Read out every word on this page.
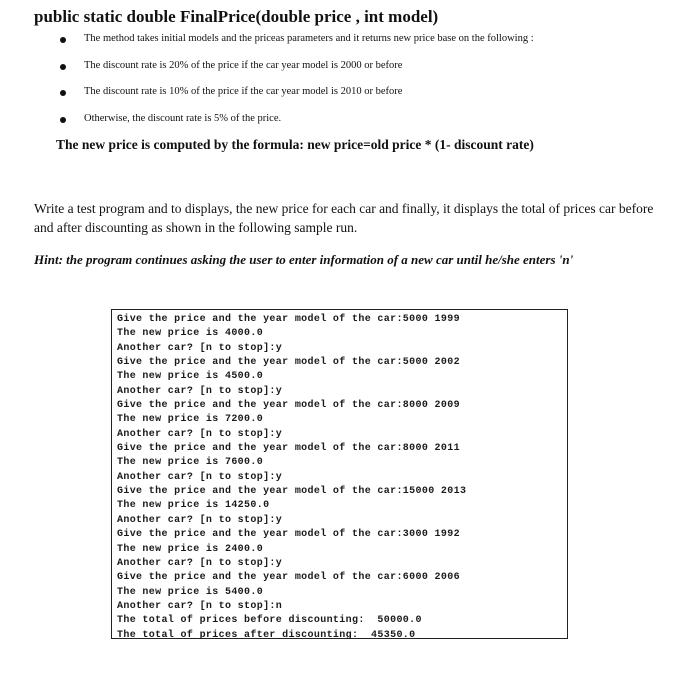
public static double FinalPrice(double price , int model)
The method takes initial models and the priceas parameters and it returns new price base on the following :
The discount rate is 20% of the price if the car year model is 2000 or before
The discount rate is 10% of the price if the car year model is 2010 or before
Otherwise, the discount rate is 5% of the price.

The new price is computed by the formula: new price=old price * (1- discount rate)

Write a test program and to displays, the new price for each car and finally, it displays the total of prices car before and after discounting as shown in the following sample run.

Hint: the program continues asking the user to enter information of a new car until he/she enters 'n'

Give the price and the year model of the car:5000 1999
The new price is 4000.0
Another car? [n to stop]:y
Give the price and the year model of the car:5000 2002
The new price is 4500.0
Another car? [n to stop]:y
Give the price and the year model of the car:8000 2009
The new price is 7200.0
Another car? [n to stop]:y
Give the price and the year model of the car:8000 2011
The new price is 7600.0
Another car? [n to stop]:y
Give the price and the year model of the car:15000 2013
The new price is 14250.0
Another car? [n to stop]:y
Give the price and the year model of the car:3000 1992
The new price is 2400.0
Another car? [n to stop]:y
Give the price and the year model of the car:6000 2006
The new price is 5400.0
Another car? [n to stop]:n
The total of prices before discounting:  50000.0
The total of prices after discounting:  45350.0
